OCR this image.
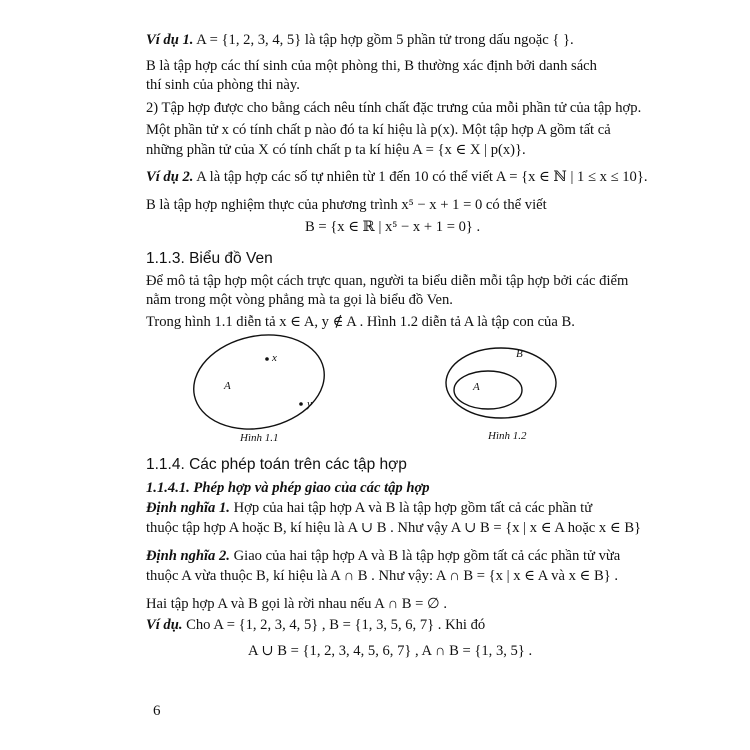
Ví dụ 1. A = {1, 2, 3, 4, 5} là tập hợp gồm 5 phần tử trong dấu ngoặc { }.
B là tập hợp các thí sinh của một phòng thi, B thường xác định bởi danh sách
thí sinh của phòng thi này.
2) Tập hợp được cho bằng cách nêu tính chất đặc trưng của mỗi phần tử của tập hợp.
Một phần tử x có tính chất p nào đó ta kí hiệu là p(x). Một tập hợp A gồm tất cả
những phần tử của X có tính chất p ta kí hiệu A = {x ∈ X | p(x)}.
Ví dụ 2. A là tập hợp các số tự nhiên từ 1 đến 10 có thể viết A = {x ∈ ℕ | 1 ≤ x ≤ 10}.
B là tập hợp nghiệm thực của phương trình x⁵ − x + 1 = 0 có thể viết
Để mô tả tập hợp một cách trực quan, người ta biểu diễn mỗi tập hợp bởi các điểm
nằm trong một vòng phẳng mà ta gọi là biểu đồ Ven.
Trong hình 1.1 diễn tả x ∈ A, y ∉ A . Hình 1.2 diễn tả A là tập con của B.
1.1.4.1. Phép hợp và phép giao của các tập hợp
Định nghĩa 1. Hợp của hai tập hợp A và B là tập hợp gồm tất cả các phần tử
thuộc tập hợp A hoặc B, kí hiệu là A ∪ B . Như vậy A ∪ B = {x | x ∈ A hoặc x ∈ B}
Định nghĩa 2. Giao của hai tập hợp A và B là tập hợp gồm tất cả các phần tử vừa
thuộc A vừa thuộc B, kí hiệu là A ∩ B . Như vậy: A ∩ B = {x | x ∈ A và x ∈ B} .
Hai tập hợp A và B gọi là rời nhau nếu A ∩ B = ∅ .
Ví dụ. Cho A = {1, 2, 3, 4, 5} , B = {1, 3, 5, 6, 7} . Khi đó
B = {x ∈ ℝ | x⁵ − x + 1 = 0} .
A ∪ B = {1, 2, 3, 4, 5, 6, 7} , A ∩ B = {1, 3, 5} .
1.1.3. Biểu đồ Ven
1.1.4. Các phép toán trên các tập hợp
A
x
y
B
A
Hình 1.1	Hình 1.2
6
